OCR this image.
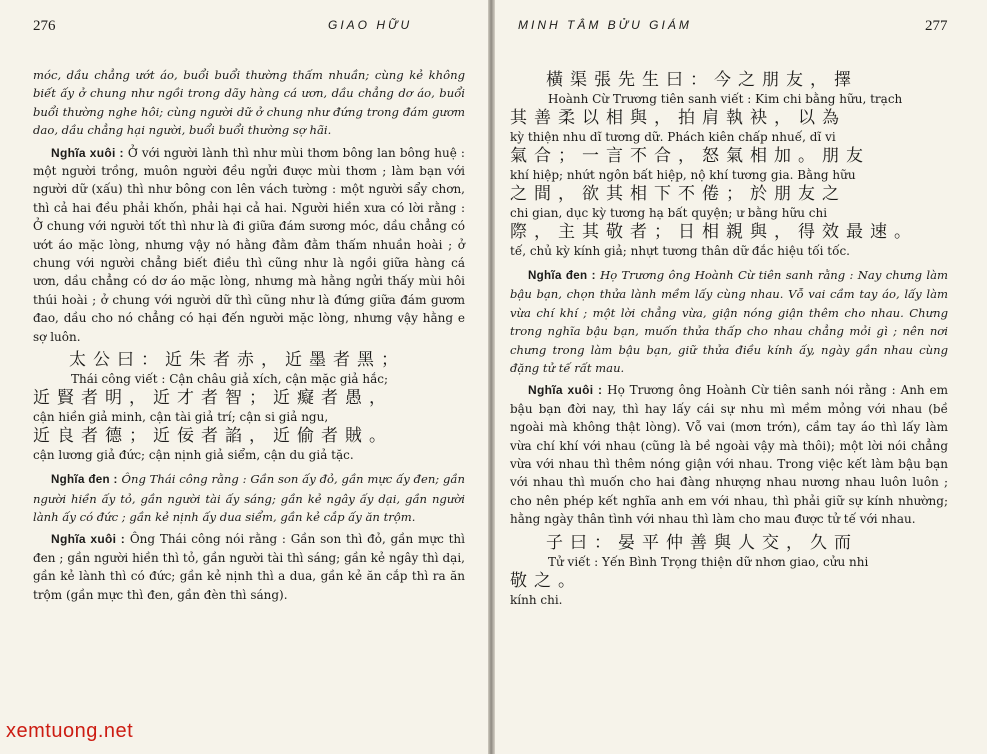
276	GIAO HỮU

móc, dầu chẳng ướt áo, buổi buổi thường thấm nhuần; cùng kẻ không biết ấy ở chung như ngồi trong dãy hàng cá ươn, dầu chẳng dơ áo, buổi buổi thường nghe hôi; cùng người dữ ở chung như đứng trong đám gươm dao, dầu chẳng hại người, buổi buổi thường sợ hãi.

Nghĩa xuôi : Ở với người lành thì như mùi thơm bông lan bông huệ : một người trồng, muôn người đều ngửi được mùi thơm ; làm bạn với người dữ (xấu) thì như bông con lên vách tường : một người sẩy chơn, thì cả hai đều phải khốn, phải hại cả hai. Người hiền xưa có lời rằng : Ở chung với người tốt thì như là đi giữa đám sương móc, dầu chẳng có ướt áo mặc lòng, nhưng vậy nó hằng đằm đằm thấm nhuần hoài ; ở chung với người chẳng biết điều thì cũng như là ngồi giữa hàng cá ươn, dầu chẳng có dơ áo mặc lòng, nhưng mà hằng ngửi thấy mùi hôi thúi hoài ; ở chung với người dữ thì cũng như là đứng giữa đám gươm đao, dầu cho nó chẳng có hại đến người mặc lòng, nhưng vậy hằng e sợ luôn.

太公曰：近朱者赤，近墨者黑；
Thái công viết : Cận châu giả xích, cận mặc giả hắc;
近賢者明，近才者智；近癡者愚，
cận hiền giả minh, cận tài giả trí; cận si giả ngu,
近良者德；近佞者諂，近偷者賊。
cận lương giả đức; cận nịnh giả siểm, cận du giả tặc.

Nghĩa đen : Ông Thái công rằng : Gần son ấy đỏ, gần mực ấy đen; gần người hiền ấy tỏ, gần người tài ấy sáng; gần kẻ ngây ấy dại, gần người lành ấy có đức ; gần kẻ nịnh ấy dua siểm, gần kẻ cắp ấy ăn trộm.

Nghĩa xuôi : Ông Thái công nói rằng : Gần son thì đỏ, gần mực thì đen ; gần người hiền thì tỏ, gần người tài thì sáng; gần kẻ ngây thì dại, gần kẻ lành thì có đức; gần kẻ nịnh thì a dua, gần kẻ ăn cắp thì ra ăn trộm (gần mực thì đen, gần đèn thì sáng).

MINH TÂM BỬU GIÁM	277
橫渠張先生曰：今之朋友，擇
Hoành Cừ Trương tiên sanh viết : Kim chi bằng hữu, trạch
其善柔以相與，拍肩執袂，以為
kỳ thiện nhu dĩ tương dữ. Phách kiên chấp nhuế, dĩ vi
氣合；一言不合，怒氣相加。朋友
khí hiệp; nhứt ngôn bất hiệp, nộ khí tương gia. Bằng hữu
之間，欲其相下不倦；於朋友之
chi gian, dục kỳ tương hạ bất quyện; ư bằng hữu chi
際，主其敬者；日相親與，得效最速。
tế, chủ kỳ kính giả; nhựt tương thân dữ đắc hiệu tối tốc.

Nghĩa đen : Họ Trương ông Hoành Cừ tiên sanh rằng : Nay chưng làm bậu bạn, chọn thửa lành mềm lấy cùng nhau. Vỗ vai cầm tay áo, lấy làm vừa chí khí ; một lời chẳng vừa, giận nóng giận thêm cho nhau. Chưng trong nghĩa bậu bạn, muốn thửa thấp cho nhau chẳng mỏi gì ; nên nơi chưng trong làm bậu bạn, giữ thửa điều kính ấy, ngày gần nhau cùng đặng tử tế rất mau.

Nghĩa xuôi : Họ Trương ông Hoành Cừ tiên sanh nói rằng : Anh em bậu bạn đời nay, thì hay lấy cái sự nhu mì mềm mỏng với nhau (bề ngoài mà không thật lòng). Vỗ vai (mơn trớn), cầm tay áo thì lấy làm vừa chí khí với nhau (cũng là bề ngoài vậy mà thôi); một lời nói chẳng vừa với nhau thì thêm nóng giận với nhau. Trong việc kết làm bậu bạn với nhau thì muốn cho hai đàng nhượng nhau nương nhau luôn luôn ; cho nên phép kết nghĩa anh em với nhau, thì phải giữ sự kính nhường; hằng ngày thân tình với nhau thì làm cho mau được tử tế với nhau.

子曰：晏平仲善與人交，久而
Tử viết : Yến Bình Trọng thiện dữ nhơn giao, cửu nhi
敬之。
kính chi.
xemtuong.net
